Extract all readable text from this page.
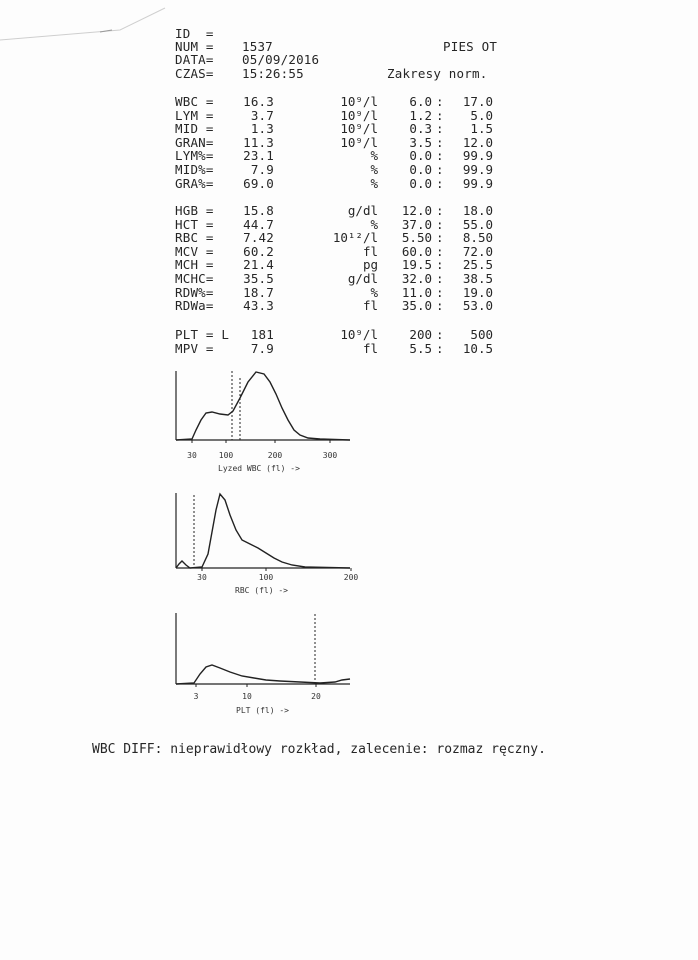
ID  =
NUM = 1537	PIES OT
DATA= 05/09/2016
CZAS= 15:26:55	Zakresy norm.
WBC = 16.3	10⁹/l	6.0	17.0
:
LYM =	3.7	10⁹/l	1.2	5.0
:
MID =	1.3	10⁹/l	0.3	1.5
:
GRAN= 11.3	10⁹/l	3.5	12.0
:
LYM%= 23.1	%	0.0	99.9
:
MID%=	7.9	%	0.0	99.9
:
GRA%= 69.0	%	0.0	99.9
:
HGB = 15.8	g/dl	12.0	18.0
:
HCT = 44.7	%	37.0	55.0
:
RBC = 7.42	10¹²/l	5.50	8.50
:
MCV = 60.2	fl	60.0	72.0
:
MCH = 21.4	pg	19.5	25.5
:
MCHC= 35.5	g/dl	32.0	38.5
:
RDW%= 18.7	%	11.0	19.0
:
RDWa= 43.3	fl	35.0	53.0
:
PLT = L	181	10⁹/l	200	500
:
MPV =	7.9	fl	5.5	10.5
:
30	100	200	300
Lyzed WBC (fl) ->
30	100	200
RBC (fl) ->
3	10	20
PLT (fl) ->
WBC DIFF: nieprawidłowy rozkład, zalecenie: rozmaz ręczny.
